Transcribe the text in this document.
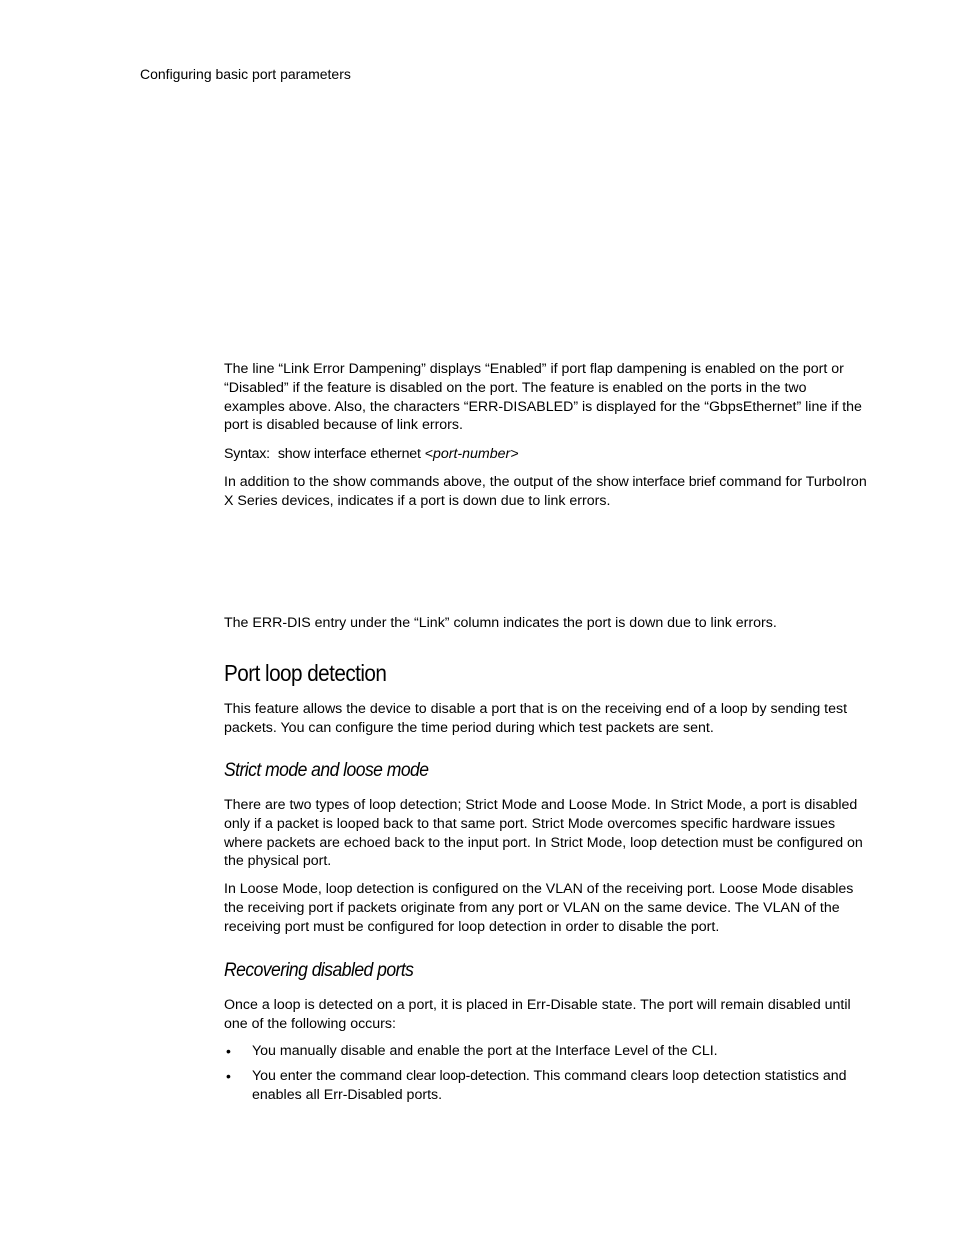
Configuring basic port parameters

The line “Link Error Dampening” displays “Enabled” if port flap dampening is enabled on the port or “Disabled” if the feature is disabled on the port. The feature is enabled on the ports in the two examples above. Also, the characters “ERR-DISABLED” is displayed for the “GbpsEthernet” line if the port is disabled because of link errors.

Syntax: show interface ethernet <port-number>

In addition to the show commands above, the output of the show interface brief command for TurboIron X Series devices, indicates if a port is down due to link errors.

The ERR-DIS entry under the “Link” column indicates the port is down due to link errors.

Port loop detection

This feature allows the device to disable a port that is on the receiving end of a loop by sending test packets. You can configure the time period during which test packets are sent.

Strict mode and loose mode

There are two types of loop detection; Strict Mode and Loose Mode. In Strict Mode, a port is disabled only if a packet is looped back to that same port. Strict Mode overcomes specific hardware issues where packets are echoed back to the input port. In Strict Mode, loop detection must be configured on the physical port.

In Loose Mode, loop detection is configured on the VLAN of the receiving port. Loose Mode disables the receiving port if packets originate from any port or VLAN on the same device. The VLAN of the receiving port must be configured for loop detection in order to disable the port.

Recovering disabled ports

Once a loop is detected on a port, it is placed in Err-Disable state. The port will remain disabled until one of the following occurs:

• You manually disable and enable the port at the Interface Level of the CLI.
• You enter the command clear loop-detection. This command clears loop detection statistics and enables all Err-Disabled ports.
